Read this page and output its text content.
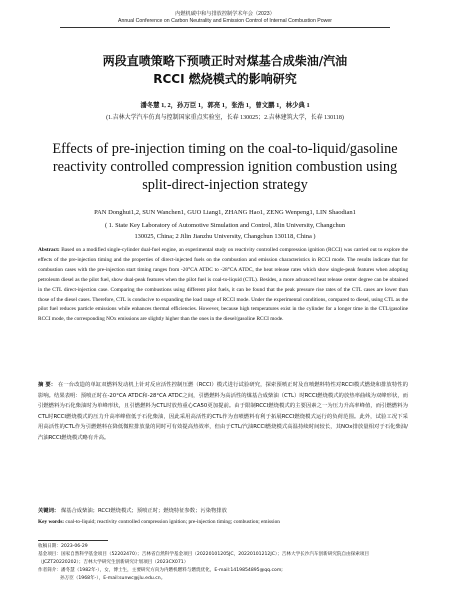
内燃机碳中和与排放控制学术年会（2023）
Annual Conference on Carbon Neutrality and Emission Control of Internal Combustion Power
两段直喷策略下预喷正时对煤基合成柴油/汽油
RCCI 燃烧模式的影响研究
潘冬慧 1, 2，孙万臣 1，郭亮 1，张浩 1，曾文鹏 1，林少典 1
(1.吉林大学汽车仿真与控制国家重点实验室，长春 130025；2.吉林建筑大学，长春 130118)
Effects of pre-injection timing on the coal-to-liquid/gasoline
reactivity controlled compression ignition combustion using
split-direct-injection strategy
PAN Donghui1,2, SUN Wanchen1, GUO Liang1, ZHANG Hao1, ZENG Wenpeng1, LIN Shaodian1
( 1. State Key Laboratory of Automotive Simulation and Control, Jilin University, Changchun
130025, China; 2 Jilin Jianzhu University, Changchun 130118, China )
Abstract: Based on a modified single-cylinder dual-fuel engine, an experimental study on reactivity controlled compression ignition (RCCI) was carried out to explore the effects of the pre-injection timing and the properties of direct-injected fuels on the combustion and emission characteristics in RCCI mode. The results indicate that for combustion cases with the pre-injection start timing ranges from -20°CA ATDC to -28°CA ATDC, the heat release rates which show single-peak features when adopting petroleum diesel as the pilot fuel, show dual-peak features when the pilot fuel is coal-to-liquid (CTL). Besides, a more advanced heat release center degree can be obtained in the CTL direct-injection case. Comparing the combustions using different pilot fuels, it can be found that the peak pressure rise rates of the CTL cases are lower than those of the diesel cases. Therefore, CTL is conducive to expanding the load range of RCCI mode. Under the experimental conditions, compared to diesel, using CTL as the pilot fuel reduces particle emissions while enhances thermal efficiencies. However, because high temperatures exist in the cylinder for a longer time in the CTL/gasoline RCCI mode, the corresponding NOx emissions are slightly higher than the ones in the diesel/gasoline RCCI mode.
摘 要： 在一台改造的单缸双燃料发动机上针对反应活性控制压燃（RCCI）模式进行试验研究，探索预喷正时及直喷燃料特性对RCCI模式燃烧和排放特性的影响。结果表明：预喷正时在-20°CA ATDC和-28°CA ATDC之间，引燃燃料为高活性的煤基合成柴油（CTL）时RCCI燃烧模式的放热率曲线为双峰形状，而引燃燃料为石化柴油时为单峰形状，且引燃燃料为CTL时放热重心CA50更加提前。由于限制RCCI燃烧模式的主要因素之一为压力升高率峰值，而引燃燃料为CTL时RCCI燃烧模式的压力升高率峰值低于石化柴油，因此采用高活性的CTL作为直喷燃料有利于拓展RCCI燃烧模式运行的负荷范围。此外，试验工况下采用高活性的CTL作为引燃燃料在降低微粒排放量的同时可有效提高热效率，但由于CTL/汽油RCCI燃烧模式高温持续时间较长，其NOx排放量相对于石化柴油/汽油RCCI燃烧模式略有升高。
关键词： 煤基合成柴油；RCCI燃烧模式；预喷正时；燃烧特征参数；污染物排放
Key words: coal-to-liquid; reactivity controlled compression ignition; pre-injection timing; combustion; emission
收稿日期：2023-06-29
基金项目：国家自然科学基金项目（52202470）；吉林省自然科学基金项目（20220101205JC，20220101212JC）；吉林大学长沙汽车创新研究院自由探索项目（JCZT20220202）；吉林大学研究生创新研究计划项目（2023CX071）
作者简介：潘冬慧（1982年-），女，博士生，主要研究方向为内燃机燃料与燃烧优化，E-mail:1419854895@qq.com;
孙万臣（1968年-），E-mail:sunwc@jlu.edu.cn。
